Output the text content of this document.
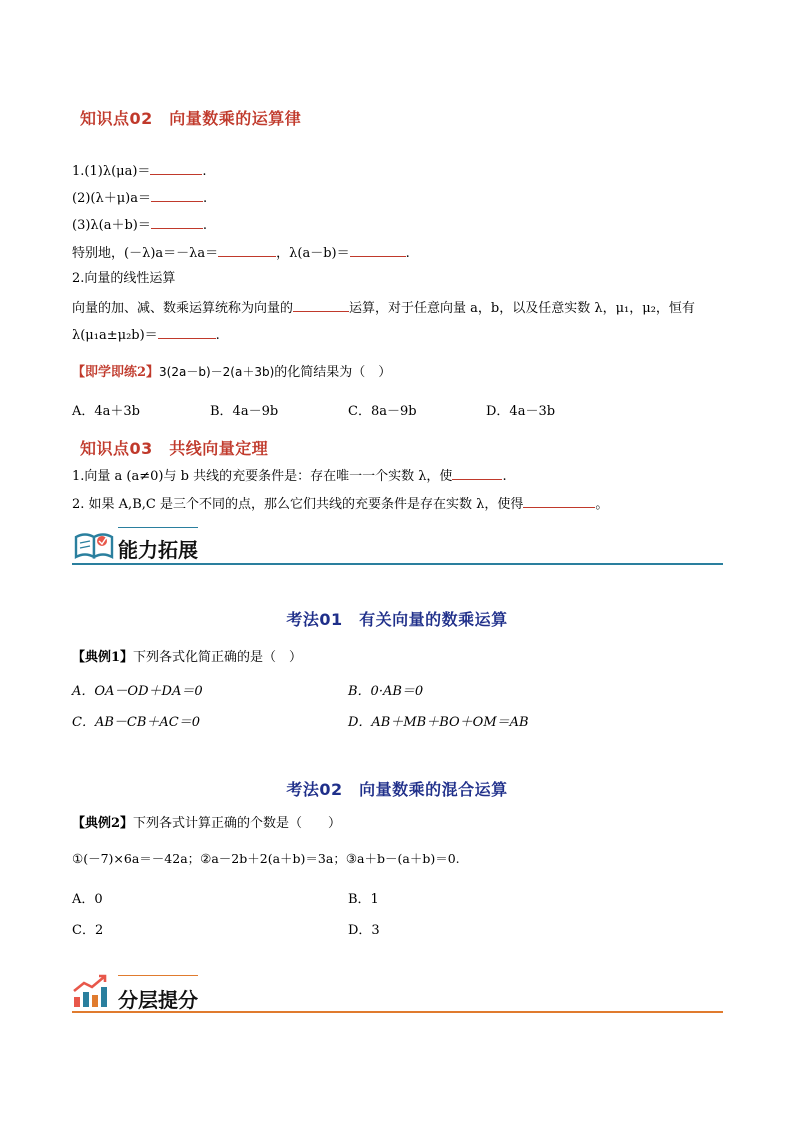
知识点02　向量数乘的运算律
1.(1)λ(μa)＝	.
(2)(λ＋μ)a＝	.
(3)λ(a＋b)＝	.
特别地，(－λ)a＝－λa＝	，λ(a－b)＝	.
2.向量的线性运算
向量的加、减、数乘运算统称为向量的	运算，对于任意向量 a，b，以及任意实数 λ，μ₁，μ₂，恒有
λ(μ₁a±μ₂b)＝	.
【即学即练2】3(2a－b)－2(a＋3b)的化简结果为（　）
A．4a＋3b	B．4a－9b	C．8a－9b	D．4a－3b
知识点03　共线向量定理
1.向量 a (a≠0)与 b 共线的充要条件是：存在唯一一个实数 λ，使	.
2. 如果 A,B,C 是三个不同的点，那么它们共线的充要条件是存在实数 λ，使得	。
能力拓展
考法01　有关向量的数乘运算
【典例1】下列各式化简正确的是（　）
A．OA－OD＋DA＝0	B．0·AB＝0
C．AB－CB＋AC＝0	D．AB＋MB＋BO＋OM＝AB
考法02　向量数乘的混合运算
【典例2】下列各式计算正确的个数是（　　）
①(－7)×6a＝－42a；②a－2b＋2(a＋b)＝3a；③a＋b－(a＋b)＝0.
A．0	B．1
C．2	D．3
分层提分
